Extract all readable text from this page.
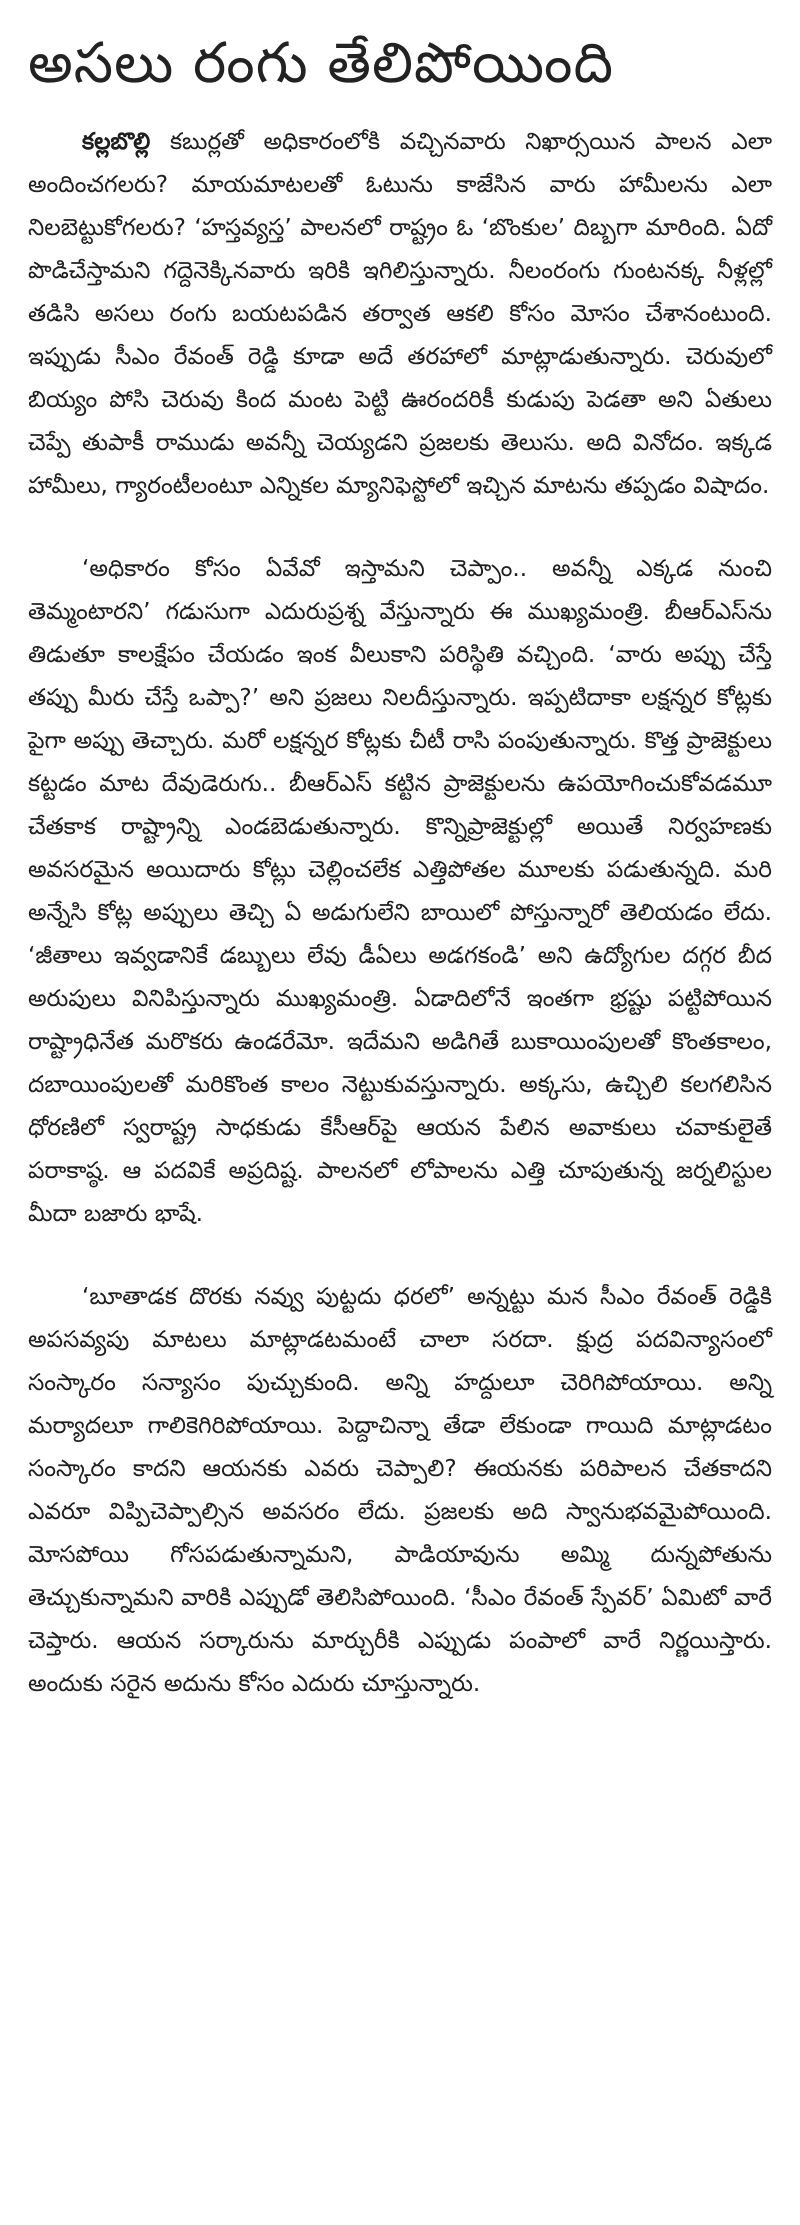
అసలు రంగు తేలిపోయింది

కల్లబొల్లి కబుర్లతో అధికారంలోకి వచ్చినవారు నిఖార్సయిన పాలన ఎలా అందించగలరు? మాయమాటలతో ఓటును కాజేసిన వారు హామీలను ఎలా నిలబెట్టుకోగలరు? ‘హస్తవ్యస్త’ పాలనలో రాష్ట్రం ఓ ‘బొంకుల’ దిబ్బగా మారింది. ఏదో పొడిచేస్తామని గద్దెనెక్కినవారు ఇరికి ఇగిలిస్తున్నారు. నీలంరంగు గుంటనక్క నీళ్లల్లో తడిసి అసలు రంగు బయటపడిన తర్వాత ఆకలి కోసం మోసం చేశానంటుంది. ఇప్పుడు సీఎం రేవంత్ రెడ్డి కూడా అదే తరహాలో మాట్లాడుతున్నారు. చెరువులో బియ్యం పోసి చెరువు కింద మంట పెట్టి ఊరందరికీ కుడుపు పెడతా అని ఏతులు చెప్పే తుపాకీ రాముడు అవన్నీ చెయ్యడని ప్రజలకు తెలుసు. అది వినోదం. ఇక్కడ హామీలు, గ్యారంటీలంటూ ఎన్నికల మ్యానిఫెస్టోలో ఇచ్చిన మాటను తప్పడం విషాదం.

‘అధికారం కోసం ఏవేవో ఇస్తామని చెప్పాం.. అవన్నీ ఎక్కడ నుంచి తెమ్మంటారని’ గడుసుగా ఎదురుప్రశ్న వేస్తున్నారు ఈ ముఖ్యమంత్రి. బీఆర్ఎస్‌ను తిడుతూ కాలక్షేపం చేయడం ఇంక వీలుకాని పరిస్థితి వచ్చింది. ‘వారు అప్పు చేస్తే తప్పు మీరు చేస్తే ఒప్పా?’ అని ప్రజలు నిలదీస్తున్నారు. ఇప్పటిదాకా లక్షన్నర కోట్లకు పైగా అప్పు తెచ్చారు. మరో లక్షన్నర కోట్లకు చీటీ రాసి పంపుతున్నారు. కొత్త ప్రాజెక్టులు కట్టడం మాట దేవుడెరుగు.. బీఆర్ఎస్ కట్టిన ప్రాజెక్టులను ఉపయోగించుకోవడమూ చేతకాక రాష్ట్రాన్ని ఎండబెడుతున్నారు. కొన్నిప్రాజెక్టుల్లో అయితే నిర్వహణకు అవసరమైన అయిదారు కోట్లు చెల్లించలేక ఎత్తిపోతల మూలకు పడుతున్నది. మరి అన్నేసి కోట్ల అప్పులు తెచ్చి ఏ అడుగులేని బాయిలో పోస్తున్నారో తెలియడం లేదు. ‘జీతాలు ఇవ్వడానికే డబ్బులు లేవు డీఏలు అడగకండి’ అని ఉద్యోగుల దగ్గర బీద అరుపులు వినిపిస్తున్నారు ముఖ్యమంత్రి. ఏడాదిలోనే ఇంతగా భ్రష్టు పట్టిపోయిన రాష్ట్రాధినేత మరొకరు ఉండరేమో. ఇదేమని అడిగితే బుకాయింపులతో కొంతకాలం, దబాయింపులతో మరికొంత కాలం నెట్టుకువస్తున్నారు. అక్కసు, ఉచ్చిలి కలగలిసిన ధోరణిలో స్వరాష్ట్ర సాధకుడు కేసీఆర్‌పై ఆయన పేలిన అవాకులు చవాకులైతే పరాకాష్ఠ. ఆ పదవికే అప్రదిష్ట. పాలనలో లోపాలను ఎత్తి చూపుతున్న జర్నలిస్టుల మీదా బజారు భాషే.

‘బూతాడక దొరకు నవ్వు పుట్టదు ధరలో’ అన్నట్టు మన సీఎం రేవంత్ రెడ్డికి అపసవ్యపు మాటలు మాట్లాడటమంటే చాలా సరదా. క్షుద్ర పదవిన్యాసంలో సంస్కారం సన్యాసం పుచ్చుకుంది. అన్ని హద్దులూ చెరిగిపోయాయి. అన్ని మర్యాదలూ గాలికెగిరిపోయాయి. పెద్దాచిన్నా తేడా లేకుండా గాయిది మాట్లాడటం సంస్కారం కాదని ఆయనకు ఎవరు చెప్పాలి? ఈయనకు పరిపాలన చేతకాదని ఎవరూ విప్పిచెప్పాల్సిన అవసరం లేదు. ప్రజలకు అది స్వానుభవమైపోయింది. మోసపోయి గోసపడుతున్నామని, పాడియావును అమ్మి దున్నపోతును తెచ్చుకున్నామని వారికి ఎప్పుడో తెలిసిపోయింది. ‘సీఎం రేవంత్ స్పేవర్’ ఏమిటో వారే చెప్తారు. ఆయన సర్కారును మార్చురీకి ఎప్పుడు పంపాలో వారే నిర్ణయిస్తారు. అందుకు సరైన అదును కోసం ఎదురు చూస్తున్నారు.
